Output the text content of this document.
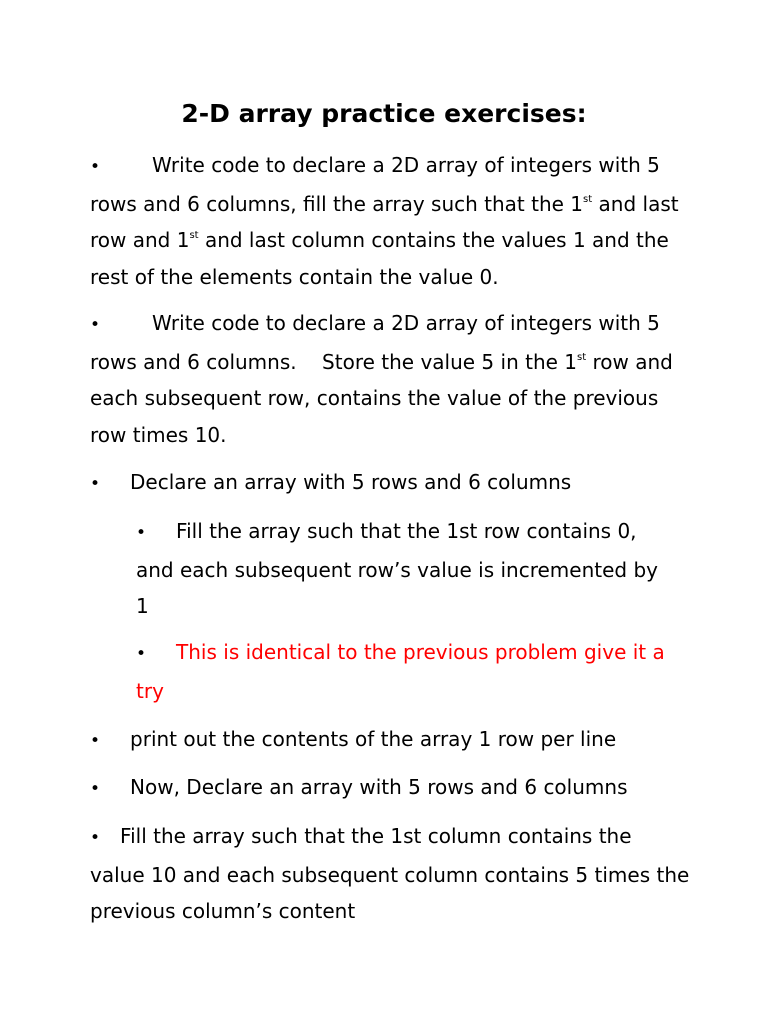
2-D array practice exercises:

•	Write code to declare a 2D array of integers with 5 rows and 6 columns, fill the array such that the 1st and last row and 1st and last column contains the values 1 and the rest of the elements contain the value 0.

•	Write code to declare a 2D array of integers with 5 rows and 6 columns.    Store the value 5 in the 1st row and each subsequent row, contains the value of the previous row times 10.

• Declare an array with 5 rows and 6 columns

• Fill the array such that the 1st row contains 0, and each subsequent row’s value is incremented by 1

• This is identical to the previous problem give it a try

• print out the contents of the array 1 row per line

• Now, Declare an array with 5 rows and 6 columns

• Fill the array such that the 1st column contains the value 10 and each subsequent column contains 5 times the previous column’s content
